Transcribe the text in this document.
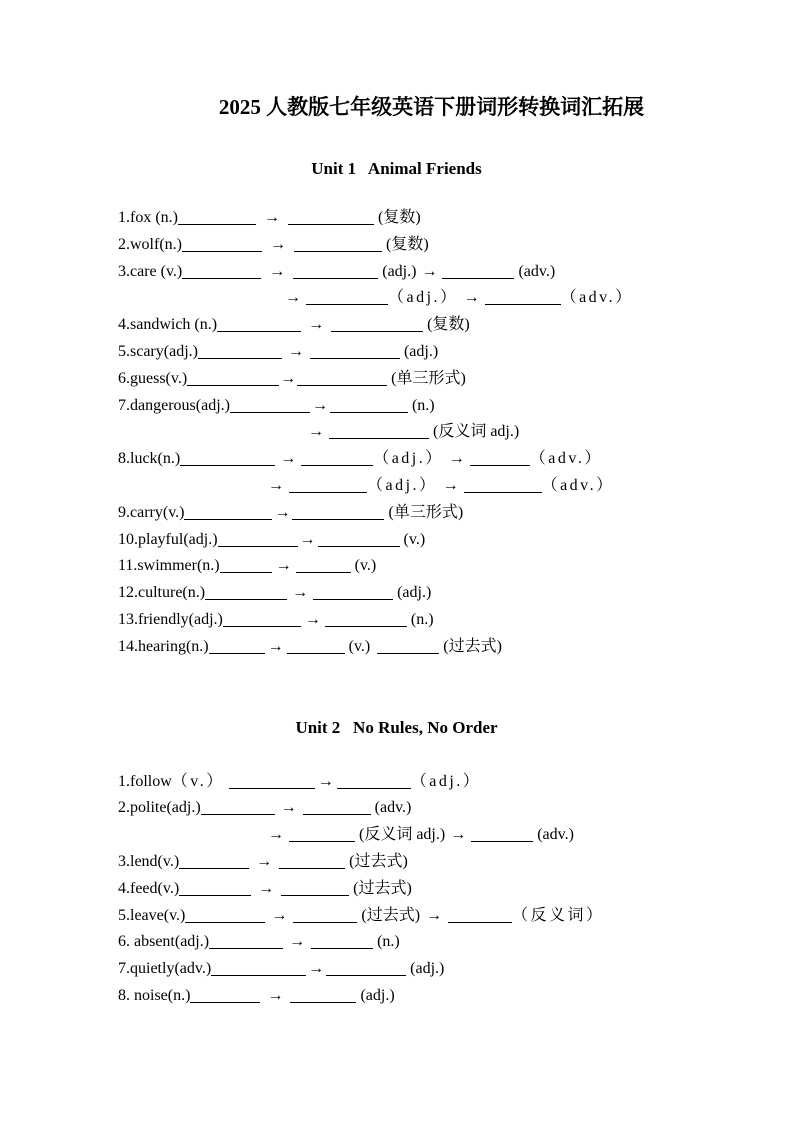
2025 人教版七年级英语下册词形转换词汇拓展
Unit 1   Animal Friends
1.fox (n.)	→	(复数)
2.wolf(n.)	→	(复数)
3.care (v.)	→	(adj.) →	(adv.)
→	（adj.） →	（adv.）
4.sandwich (n.)	→	(复数)
5.scary(adj.)	→	(adj.)
6.guess(v.)	→	(单三形式)
7.dangerous(adj.)	→	(n.)
→	(反义词 adj.)
8.luck(n.)	→	（adj.） →	（adv.）
→	（adj.） →	（adv.）
9.carry(v.)	→	(单三形式)
10.playful(adj.)	→	(v.)
11.swimmer(n.)	→	(v.)
12.culture(n.)	→	(adj.)
13.friendly(adj.)	→	(n.)
14.hearing(n.)	→	(v.)	(过去式)
Unit 2   No Rules, No Order
1.follow（v.）	→	（adj.）
2.polite(adj.)	→	(adv.)
→	(反义词 adj.) →	(adv.)
3.lend(v.)	→	(过去式)
4.feed(v.)	→	(过去式)
5.leave(v.)	→	(过去式) →	（反义词）
6. absent(adj.)	→	(n.)
7.quietly(adv.)	→	(adj.)
8. noise(n.)	→	(adj.)
